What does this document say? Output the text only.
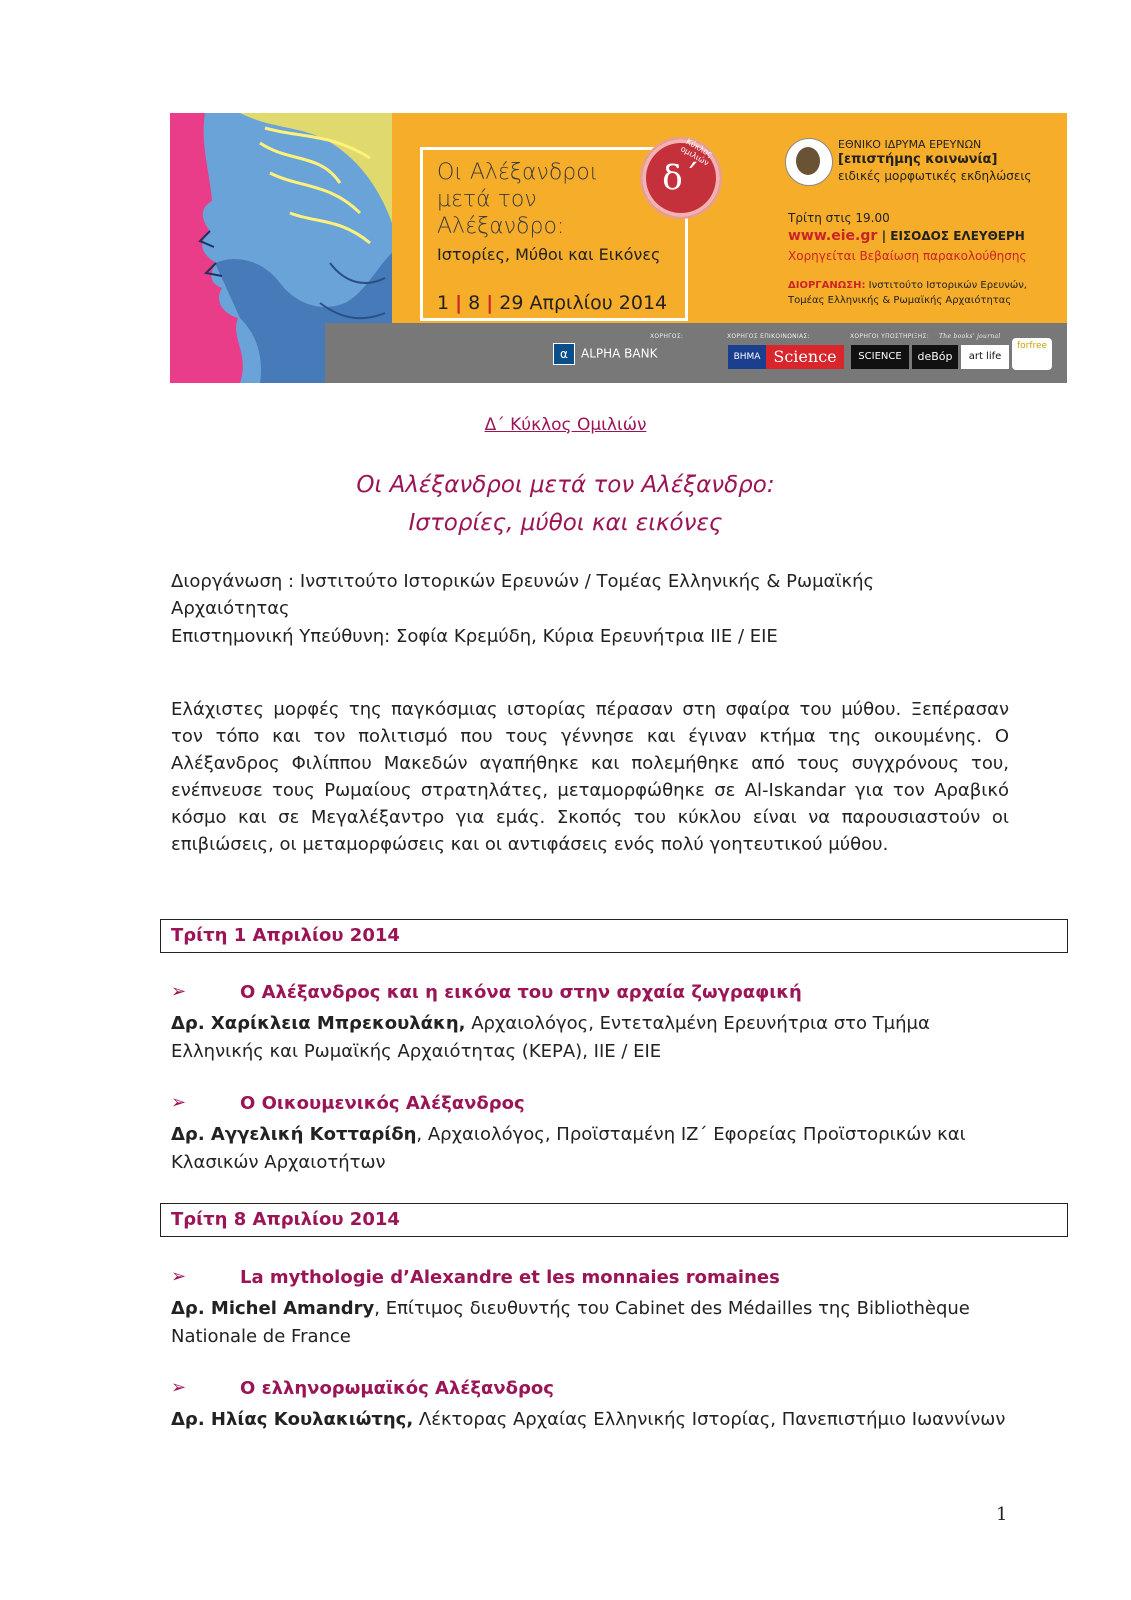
Οι Αλέξανδροι
μετά τον
Αλέξανδρο:
Ιστορίες, Μύθοι και Εικόνες
1 | 8 | 29 Απριλίου 2014
δ΄
Κύκλος ομιλιών	ΕΘΝΙΚΟ ΙΔΡΥΜΑ ΕΡΕΥΝΩΝ
[επιστήμης κοινωνία]
ειδικές μορφωτικές εκδηλώσεις
Τρίτη στις 19.00
www.eie.gr | ΕΙΣΟΔΟΣ ΕΛΕΥΘΕΡΗ
Χορηγείται Βεβαίωση παρακολούθησης
ΔΙΟΡΓΑΝΩΣΗ: Ινστιτούτο Ιστορικών Ερευνών,
Τομέας Ελληνικής & Ρωμαϊκής Αρχαιότητας
ΧΟΡΗΓΟΣ:	ΧΟΡΗΓΟΣ ΕΠΙΚΟΙΝΩΝΙΑΣ:	ΧΟΡΗΓΟΙ ΥΠΟΣΤΗΡΙΞΗΣ: The books' journal
α ALPHA BANK	BHMA Science	SCIENCE	deBόp	art life
forfree
Δ΄ Κύκλος Ομιλιών
Οι Αλέξανδροι μετά τον Αλέξανδρο:
Ιστορίες, μύθοι και εικόνες
Διοργάνωση : Ινστιτούτο Ιστορικών Ερευνών / Τομέας Ελληνικής & Ρωμαϊκής
Αρχαιότητας
Επιστημονική Υπεύθυνη: Σοφία Κρεμύδη, Κύρια Ερευνήτρια ΙΙΕ / ΕΙΕ
Ελάχιστες μορφές της παγκόσμιας ιστορίας πέρασαν στη σφαίρα του μύθου. Ξεπέρασαν τον τόπο και τον πολιτισμό που τους γέννησε και έγιναν κτήμα της οικουμένης. Ο Αλέξανδρος Φιλίππου Μακεδών αγαπήθηκε και πολεμήθηκε από τους συγχρόνους του, ενέπνευσε τους Ρωμαίους στρατηλάτες, μεταμορφώθηκε σε Al-Iskandar για τον Αραβικό κόσμο και σε Μεγαλέξαντρο για εμάς. Σκοπός του κύκλου είναι να παρουσιαστούν οι επιβιώσεις, οι μεταμορφώσεις και οι αντιφάσεις ενός πολύ γοητευτικού μύθου.
Τρίτη 1 Απριλίου 2014
➢	Ο Αλέξανδρος και η εικόνα του στην αρχαία ζωγραφική
Δρ. Χαρίκλεια Μπρεκουλάκη, Αρχαιολόγος, Εντεταλμένη Ερευνήτρια στο Τμήμα
Ελληνικής και Ρωμαϊκής Αρχαιότητας (ΚΕΡΑ), ΙΙΕ / ΕΙΕ
➢	Ο Οικουμενικός Αλέξανδρος
Δρ. Αγγελική Κοτταρίδη, Αρχαιολόγος, Προϊσταμένη ΙΖ΄ Εφορείας Προϊστορικών και
Κλασικών Αρχαιοτήτων
Τρίτη 8 Απριλίου 2014
➢	La mythologie d’Alexandre et les monnaies romaines
Δρ. Michel Amandry, Επίτιμος διευθυντής του Cabinet des Médailles της Bibliothèque
Nationale de France
➢	Ο ελληνορωμαϊκός Αλέξανδρος
Δρ. Ηλίας Κουλακιώτης, Λέκτορας Αρχαίας Ελληνικής Ιστορίας, Πανεπιστήμιο Ιωαννίνων
1
